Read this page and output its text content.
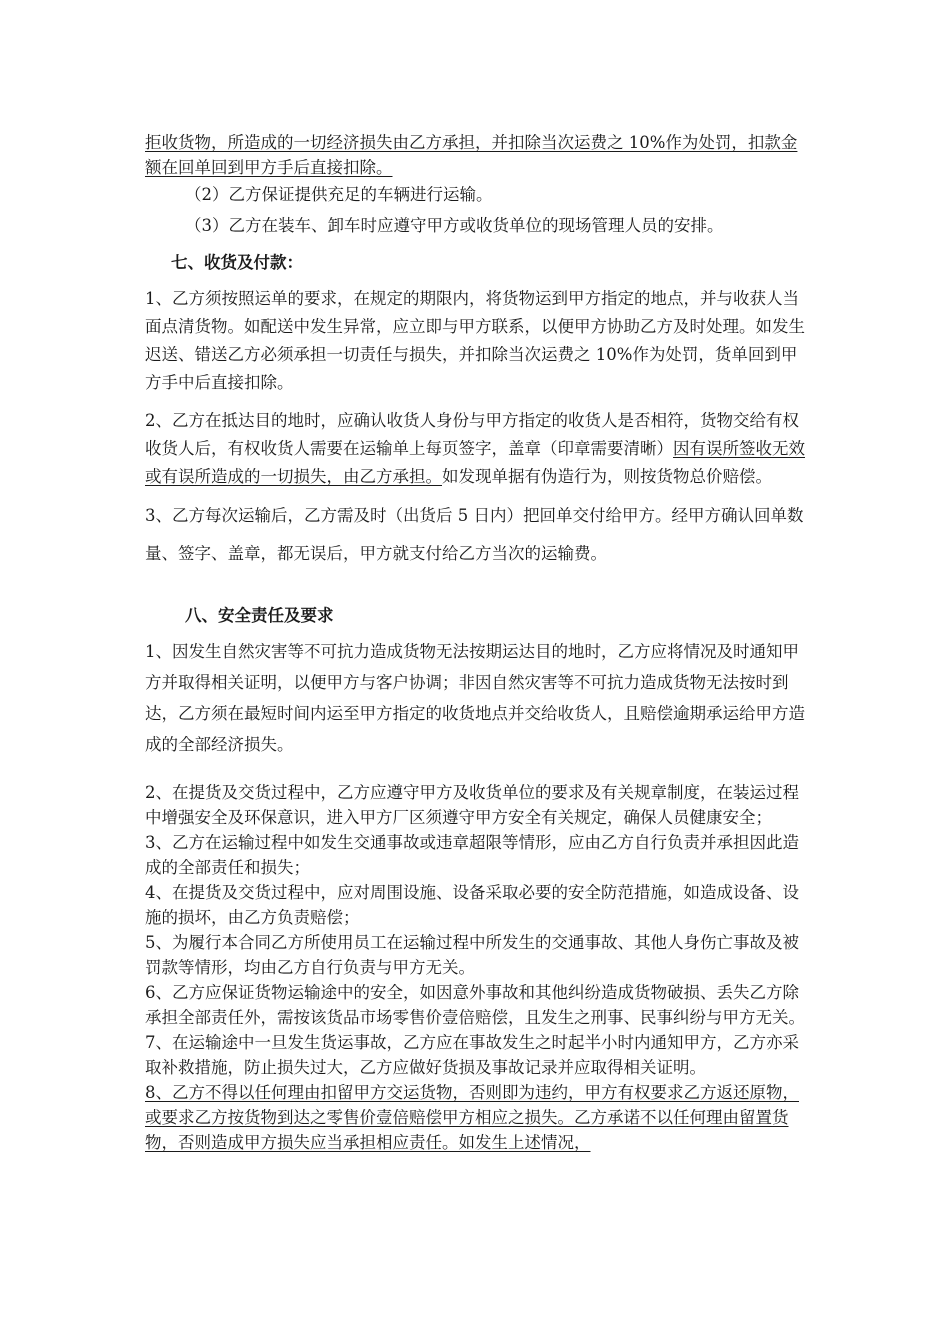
拒收货物，所造成的一切经济损失由乙方承担，并扣除当次运费之 10%作为处罚，扣款金额在回单回到甲方手后直接扣除。

（2）乙方保证提供充足的车辆进行运输。

（3）乙方在装车、卸车时应遵守甲方或收货单位的现场管理人员的安排。

七、收货及付款：

1、乙方须按照运单的要求，在规定的期限内，将货物运到甲方指定的地点，并与收获人当面点清货物。如配送中发生异常，应立即与甲方联系，以便甲方协助乙方及时处理。如发生迟送、错送乙方必须承担一切责任与损失，并扣除当次运费之 10%作为处罚，货单回到甲方手中后直接扣除。

2、乙方在抵达目的地时，应确认收货人身份与甲方指定的收货人是否相符，货物交给有权收货人后，有权收货人需要在运输单上每页签字，盖章（印章需要清晰）因有误所签收无效或有误所造成的一切损失，由乙方承担。如发现单据有伪造行为，则按货物总价赔偿。

3、乙方每次运输后，乙方需及时（出货后 5 日内）把回单交付给甲方。经甲方确认回单数量、签字、盖章，都无误后，甲方就支付给乙方当次的运输费。

八、安全责任及要求

1、因发生自然灾害等不可抗力造成货物无法按期运达目的地时，乙方应将情况及时通知甲方并取得相关证明，以便甲方与客户协调；非因自然灾害等不可抗力造成货物无法按时到达，乙方须在最短时间内运至甲方指定的收货地点并交给收货人，且赔偿逾期承运给甲方造成的全部经济损失。

2、在提货及交货过程中，乙方应遵守甲方及收货单位的要求及有关规章制度，在装运过程中增强安全及环保意识，进入甲方厂区须遵守甲方安全有关规定，确保人员健康安全；

3、乙方在运输过程中如发生交通事故或违章超限等情形，应由乙方自行负责并承担因此造成的全部责任和损失；

4、在提货及交货过程中，应对周围设施、设备采取必要的安全防范措施，如造成设备、设施的损坏，由乙方负责赔偿；

5、为履行本合同乙方所使用员工在运输过程中所发生的交通事故、其他人身伤亡事故及被罚款等情形，均由乙方自行负责与甲方无关。

6、乙方应保证货物运输途中的安全，如因意外事故和其他纠纷造成货物破损、丢失乙方除承担全部责任外，需按该货品市场零售价壹倍赔偿，且发生之刑事、民事纠纷与甲方无关。

7、在运输途中一旦发生货运事故，乙方应在事故发生之时起半小时内通知甲方，乙方亦采取补救措施，防止损失过大，乙方应做好货损及事故记录并应取得相关证明。

8、乙方不得以任何理由扣留甲方交运货物，否则即为违约，甲方有权要求乙方返还原物，或要求乙方按货物到达之零售价壹倍赔偿甲方相应之损失。乙方承诺不以任何理由留置货物，否则造成甲方损失应当承担相应责任。如发生上述情况，
